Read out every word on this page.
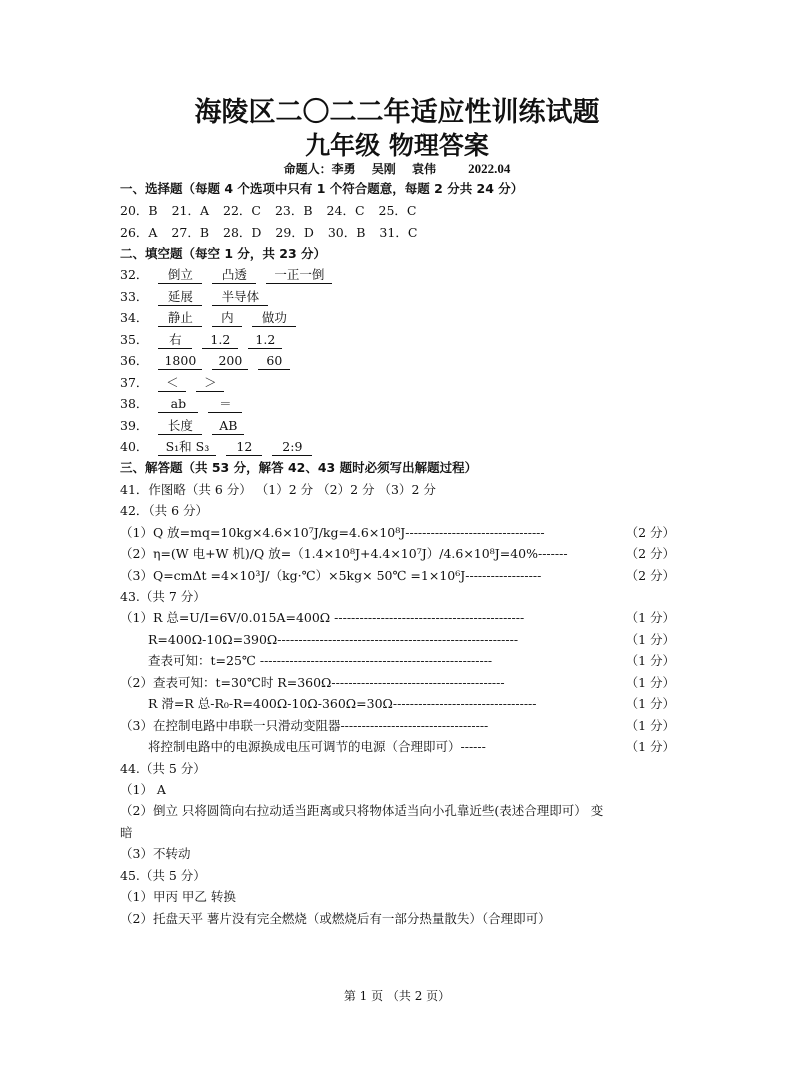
海陵区二〇二二年适应性训练试题
九年级 物理答案
命题人：李勇 吴刚 袁伟 2022.04
一、选择题（每题 4 个选项中只有 1 个符合题意，每题 2 分共 24 分）
20．B 21．A 22．C 23．B 24．C 25．C
26．A 27．B 28．D 29．D 30．B 31．C
二、填空题（每空 1 分，共 23 分）
32． 倒立 凸透 一正一倒
33． 延展 半导体
34． 静止 内 做功
35． 右 1.2 1.2
36． 1800 200 60
37． ＜ ＞
38． ab	＝
39． 长度 AB
40． S₁和 S₃ 12 2:9
三、解答题（共 53 分，解答 42、43 题时必须写出解题过程）
41．作图略（共 6 分） （1）2 分 （2）2 分 （3）2 分
42．（共 6 分）
（1）Q 放=mq=10kg×4.6×10⁷J/kg=4.6×10⁸J---------------------------------	（2 分）
（2）η=(W 电+W 机)/Q 放=（1.4×10⁸J+4.4×10⁷J）/4.6×10⁸J=40%-------	（2 分）
（3）Q=cmΔt =4×10³J/（kg·℃）×5kg× 50℃ =1×10⁶J------------------	（2 分）
43.（共 7 分）
（1）R 总=U/I=6V/0.015A=400Ω ---------------------------------------------	（1 分）
R=400Ω-10Ω=390Ω---------------------------------------------------------	（1 分）
查表可知：t=25℃ -------------------------------------------------------	（1 分）
（2）查表可知：t=30℃时 R=360Ω-----------------------------------------	（1 分）
R 滑=R 总-R₀-R=400Ω-10Ω-360Ω=30Ω----------------------------------	（1 分）
（3）在控制电路中串联一只滑动变阻器-----------------------------------	（1 分）
将控制电路中的电源换成电压可调节的电源（合理即可）------	（1 分）
44.（共 5 分）
（1） A
（2）倒立 只将圆筒向右拉动适当距离或只将物体适当向小孔靠近些(表述合理即可） 变
暗
（3）不转动
45.（共 5 分）
（1）甲丙 甲乙 转换
（2）托盘天平 薯片没有完全燃烧（或燃烧后有一部分热量散失）（合理即可）
第 1 页 （共 2 页）
